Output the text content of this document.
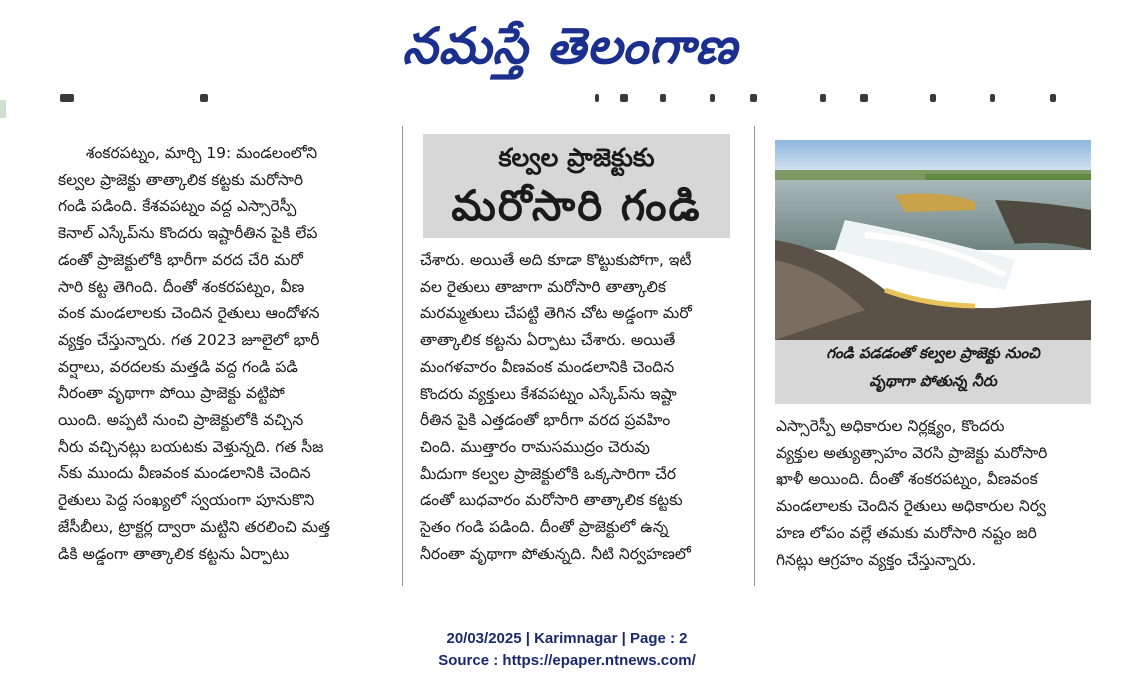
నమస్తే తెలంగాణ

శంకరపట్నం, మార్చి 19: మండలంలోని

కల్వల ప్రాజెక్టు తాత్కాలిక కట్టకు మరోసారి

గండి పడింది. కేశవపట్నం వద్ద ఎస్సారెస్పీ

కెనాల్ ఎస్కేప్‌ను కొందరు ఇష్టారీతిన పైకి లేప

డంతో ప్రాజెక్టులోకి భారీగా వరద చేరి మరో

సారి కట్ట తెగింది. దీంతో శంకరపట్నం, వీణ

వంక మండలాలకు చెందిన రైతులు ఆందోళన

వ్యక్తం చేస్తున్నారు. గత 2023 జూలైలో భారీ

వర్షాలు, వరదలకు మత్తడి వద్ద గండి పడి

నీరంతా వృథాగా పోయి ప్రాజెక్టు వట్టిపో

యింది. అప్పటి నుంచి ప్రాజెక్టులోకి వచ్చిన

నీరు వచ్చినట్లు బయటకు వెళ్తున్నది. గత సీజ

న్‌కు ముందు వీణవంక మండలానికి చెందిన

రైతులు పెద్ద సంఖ్యలో స్వయంగా పూనుకొని

జేసీబీలు, ట్రాక్టర్ల ద్వారా మట్టిని తరలించి మత్త

డికి అడ్డంగా తాత్కాలిక కట్టను ఏర్పాటు

కల్వల ప్రాజెక్టుకు
మరోసారి గండి

చేశారు. అయితే అది కూడా కొట్టుకుపోగా, ఇటీ

వల రైతులు తాజాగా మరోసారి తాత్కాలిక

మరమ్మతులు చేపట్టి తెగిన చోట అడ్డంగా మరో

తాత్కాలిక కట్టను ఏర్పాటు చేశారు. అయితే

మంగళవారం వీణవంక మండలానికి చెందిన

కొందరు వ్యక్తులు కేశవపట్నం ఎస్కేప్‌ను ఇష్టా

రీతిన పైకి ఎత్తడంతో భారీగా వరద ప్రవహిం

చింది. ముత్తారం రామసముద్రం చెరువు

మీదుగా కల్వల ప్రాజెక్టులోకి ఒక్కసారిగా చేర

డంతో బుధవారం మరోసారి తాత్కాలిక కట్టకు

సైతం గండి పడింది. దీంతో ప్రాజెక్టులో ఉన్న

నీరంతా వృథాగా పోతున్నది. నీటి నిర్వహణలో

గండి పడడంతో కల్వల ప్రాజెక్టు నుంచి
వృథాగా పోతున్న నీరు

ఎస్సారెస్పీ అధికారుల నిర్లక్ష్యం, కొందరు

వ్యక్తుల అత్యుత్సాహం వెరసి ప్రాజెక్టు మరోసారి

ఖాళీ అయింది. దీంతో శంకరపట్నం, వీణవంక

మండలాలకు చెందిన రైతులు అధికారుల నిర్వ

హణ లోపం వల్లే తమకు మరోసారి నష్టం జరి

గినట్లు ఆగ్రహం వ్యక్తం చేస్తున్నారు.

20/03/2025 | Karimnagar | Page : 2
Source : https://epaper.ntnews.com/
